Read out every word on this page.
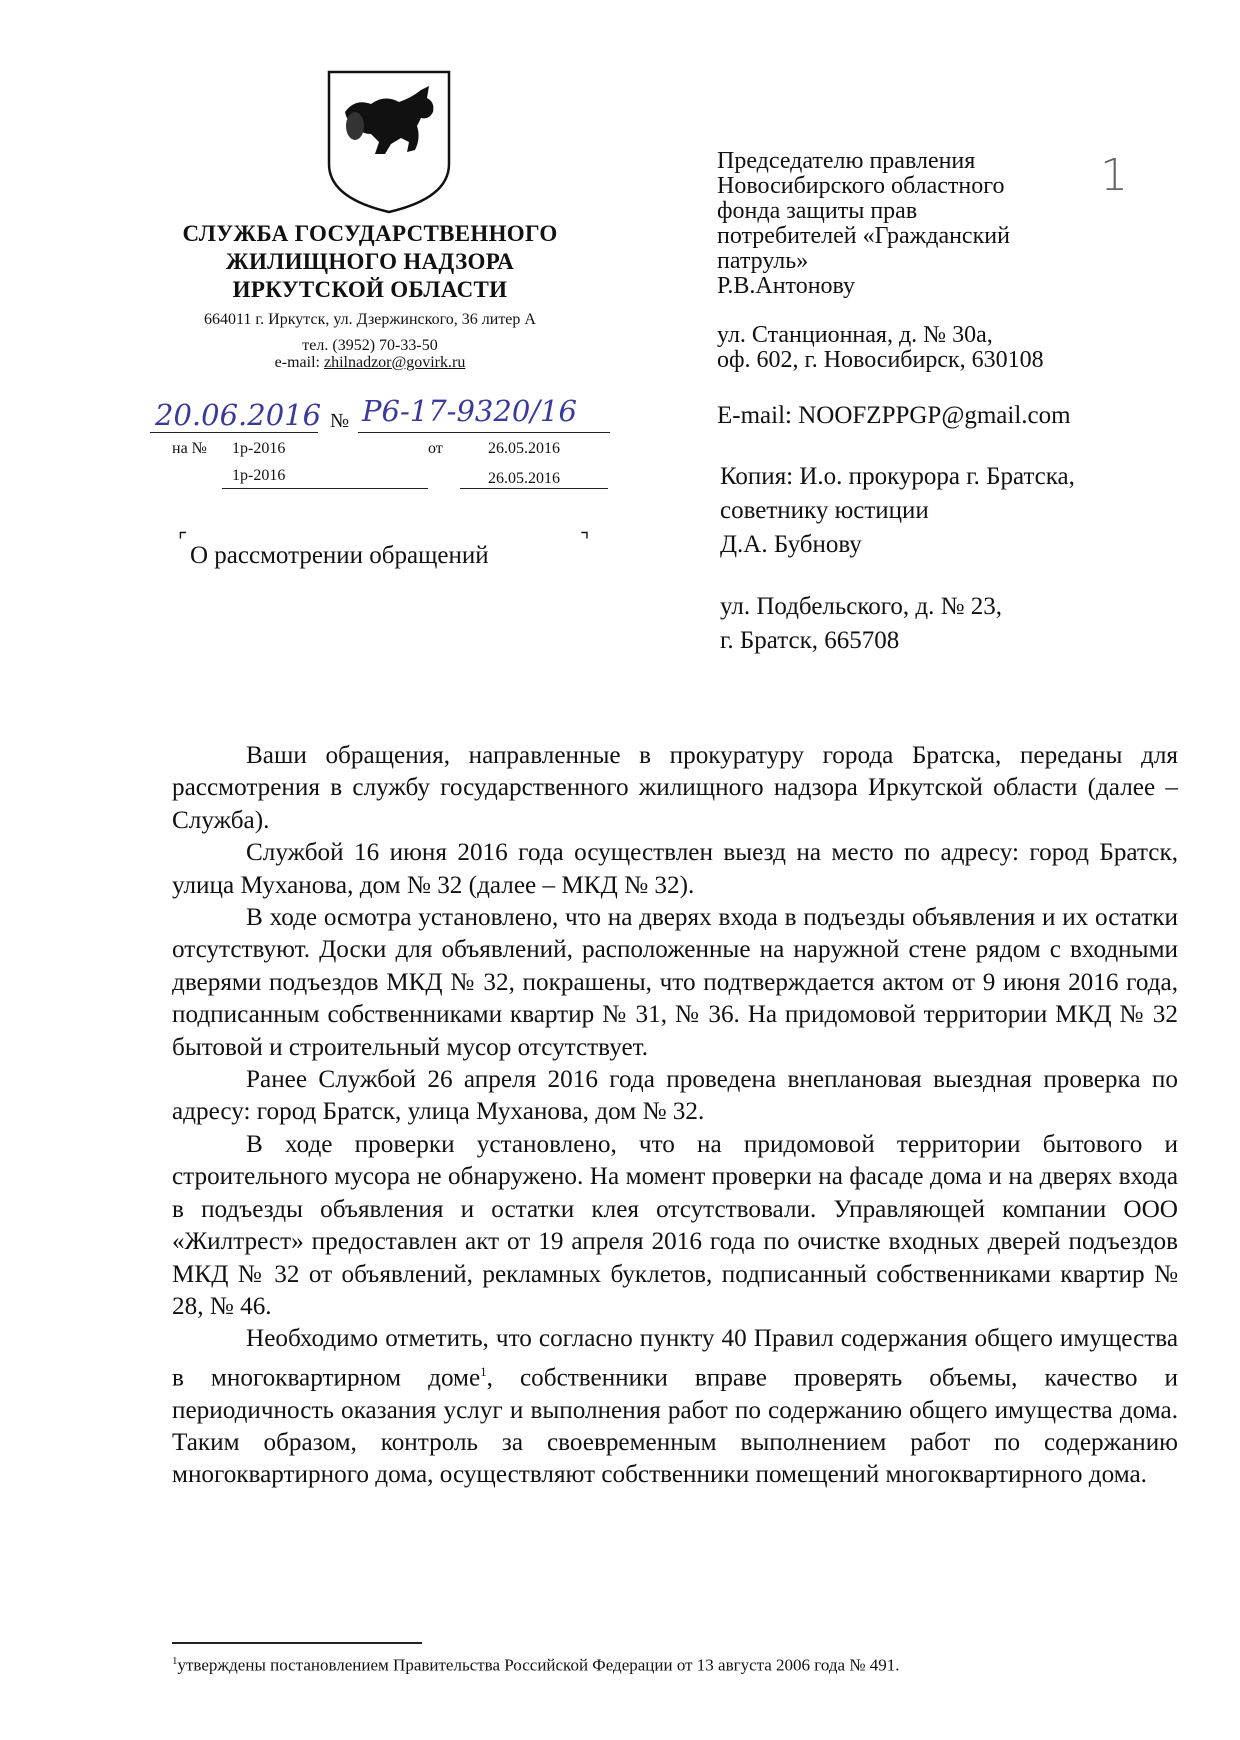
СЛУЖБА ГОСУДАРСТВЕННОГО
ЖИЛИЩНОГО НАДЗОРА
ИРКУТСКОЙ ОБЛАСТИ
664011 г. Иркутск, ул. Дзержинского, 36 литер А
тел. (3952) 70-33-50
e-mail: zhilnadzor@govirk.ru
20.06.2016 № Р6-17-9320/16
на № 1р-2016	от	26.05.2016
1р-2016	26.05.2016
⌜
О рассмотрении обращений
⌝
Председателю правления
Новосибирского областного
фонда защиты прав
потребителей «Гражданский
патруль»
Р.В.Антонову
ул. Станционная, д. № 30а,
оф. 602, г. Новосибирск, 630108
E-mail: NOOFZPPGP@gmail.com
Копия: И.о. прокурора г. Братска,
советнику юстиции
Д.А. Бубнову
ул. Подбельского, д. № 23,
г. Братск, 665708
1

Ваши обращения, направленные в прокуратуру города Братска, переданы для рассмотрения в службу государственного жилищного надзора Иркутской области (далее – Служба).

Службой 16 июня 2016 года осуществлен выезд на место по адресу: город Братск, улица Муханова, дом № 32 (далее – МКД № 32).

В ходе осмотра установлено, что на дверях входа в подъезды объявления и их остатки отсутствуют. Доски для объявлений, расположенные на наружной стене рядом с входными дверями подъездов МКД № 32, покрашены, что подтверждается актом от 9 июня 2016 года, подписанным собственниками квартир № 31, № 36. На придомовой территории МКД № 32 бытовой и строительный мусор отсутствует.

Ранее Службой 26 апреля 2016 года проведена внеплановая выездная проверка по адресу: город Братск, улица Муханова, дом № 32.

В ходе проверки установлено, что на придомовой территории бытового и строительного мусора не обнаружено. На момент проверки на фасаде дома и на дверях входа в подъезды объявления и остатки клея отсутствовали. Управляющей компании ООО «Жилтрест» предоставлен акт от 19 апреля 2016 года по очистке входных дверей подъездов МКД № 32 от объявлений, рекламных буклетов, подписанный собственниками квартир № 28, № 46.

Необходимо отметить, что согласно пункту 40 Правил содержания общего имущества в многоквартирном доме$^1$, собственники вправе проверять объемы, качество и периодичность оказания услуг и выполнения работ по содержанию общего имущества дома. Таким образом, контроль за своевременным выполнением работ по содержанию многоквартирного дома, осуществляют собственники помещений многоквартирного дома.

$^1$утверждены постановлением Правительства Российской Федерации от 13 августа 2006 года № 491.
